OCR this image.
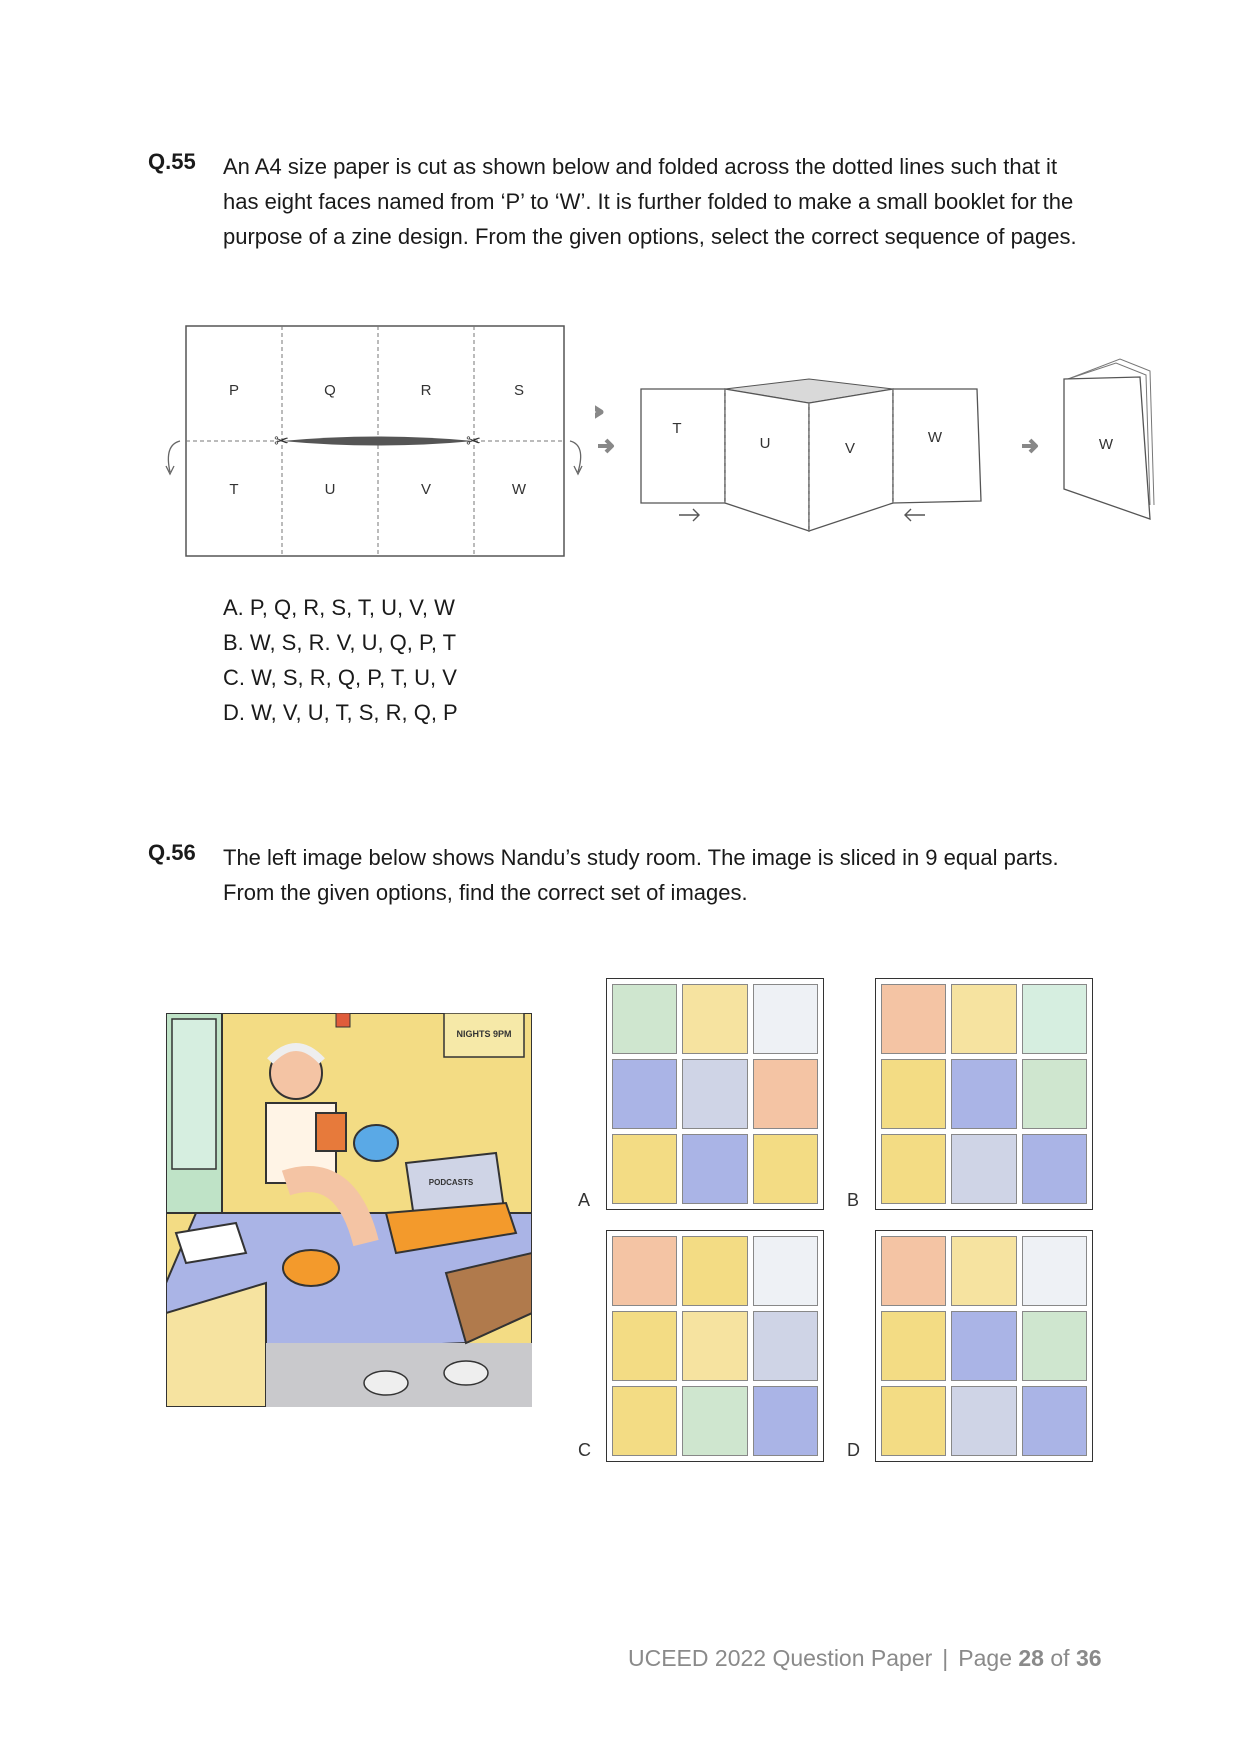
Q.55 An A4 size paper is cut as shown below and folded across the dotted lines such that it has eight faces named from ‘P’ to ‘W’. It is further folded to make a small booklet for the purpose of a zine design. From the given options, select the correct sequence of pages.
✂	✂
P	Q	R	S
T	U	V	W
T
U	V
W	W
A. P, Q, R, S, T, U, V, W
B. W, S, R. V, U, Q, P, T
C. W, S, R, Q, P, T, U, V
D. W, V, U, T, S, R, Q, P
Q.56 The left image below shows Nandu’s study room. The image is sliced in 9 equal parts. From the given options, find the correct set of images.
NIGHTS 9PM
PODCASTS
A	B
C	D
UCEED 2022 Question Paper | Page 28 of 36
